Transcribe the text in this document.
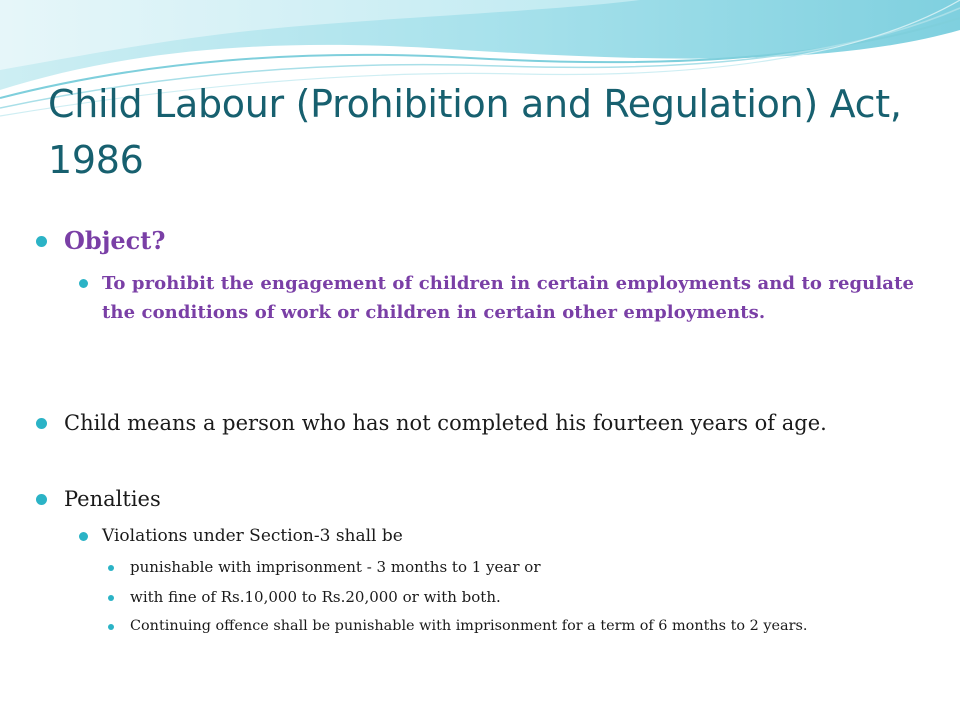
Child Labour (Prohibition and Regulation) Act, 1986
Object?
To prohibit the engagement of children in certain employments and to regulate the conditions of work or children in certain other employments.
Child means a person who has not completed his fourteen years of age.
Penalties
Violations under Section-3 shall be
punishable with imprisonment - 3 months to 1 year or
with fine of Rs.10,000 to Rs.20,000 or with both.
Continuing offence shall be punishable with imprisonment for a term of 6 months to 2 years.
